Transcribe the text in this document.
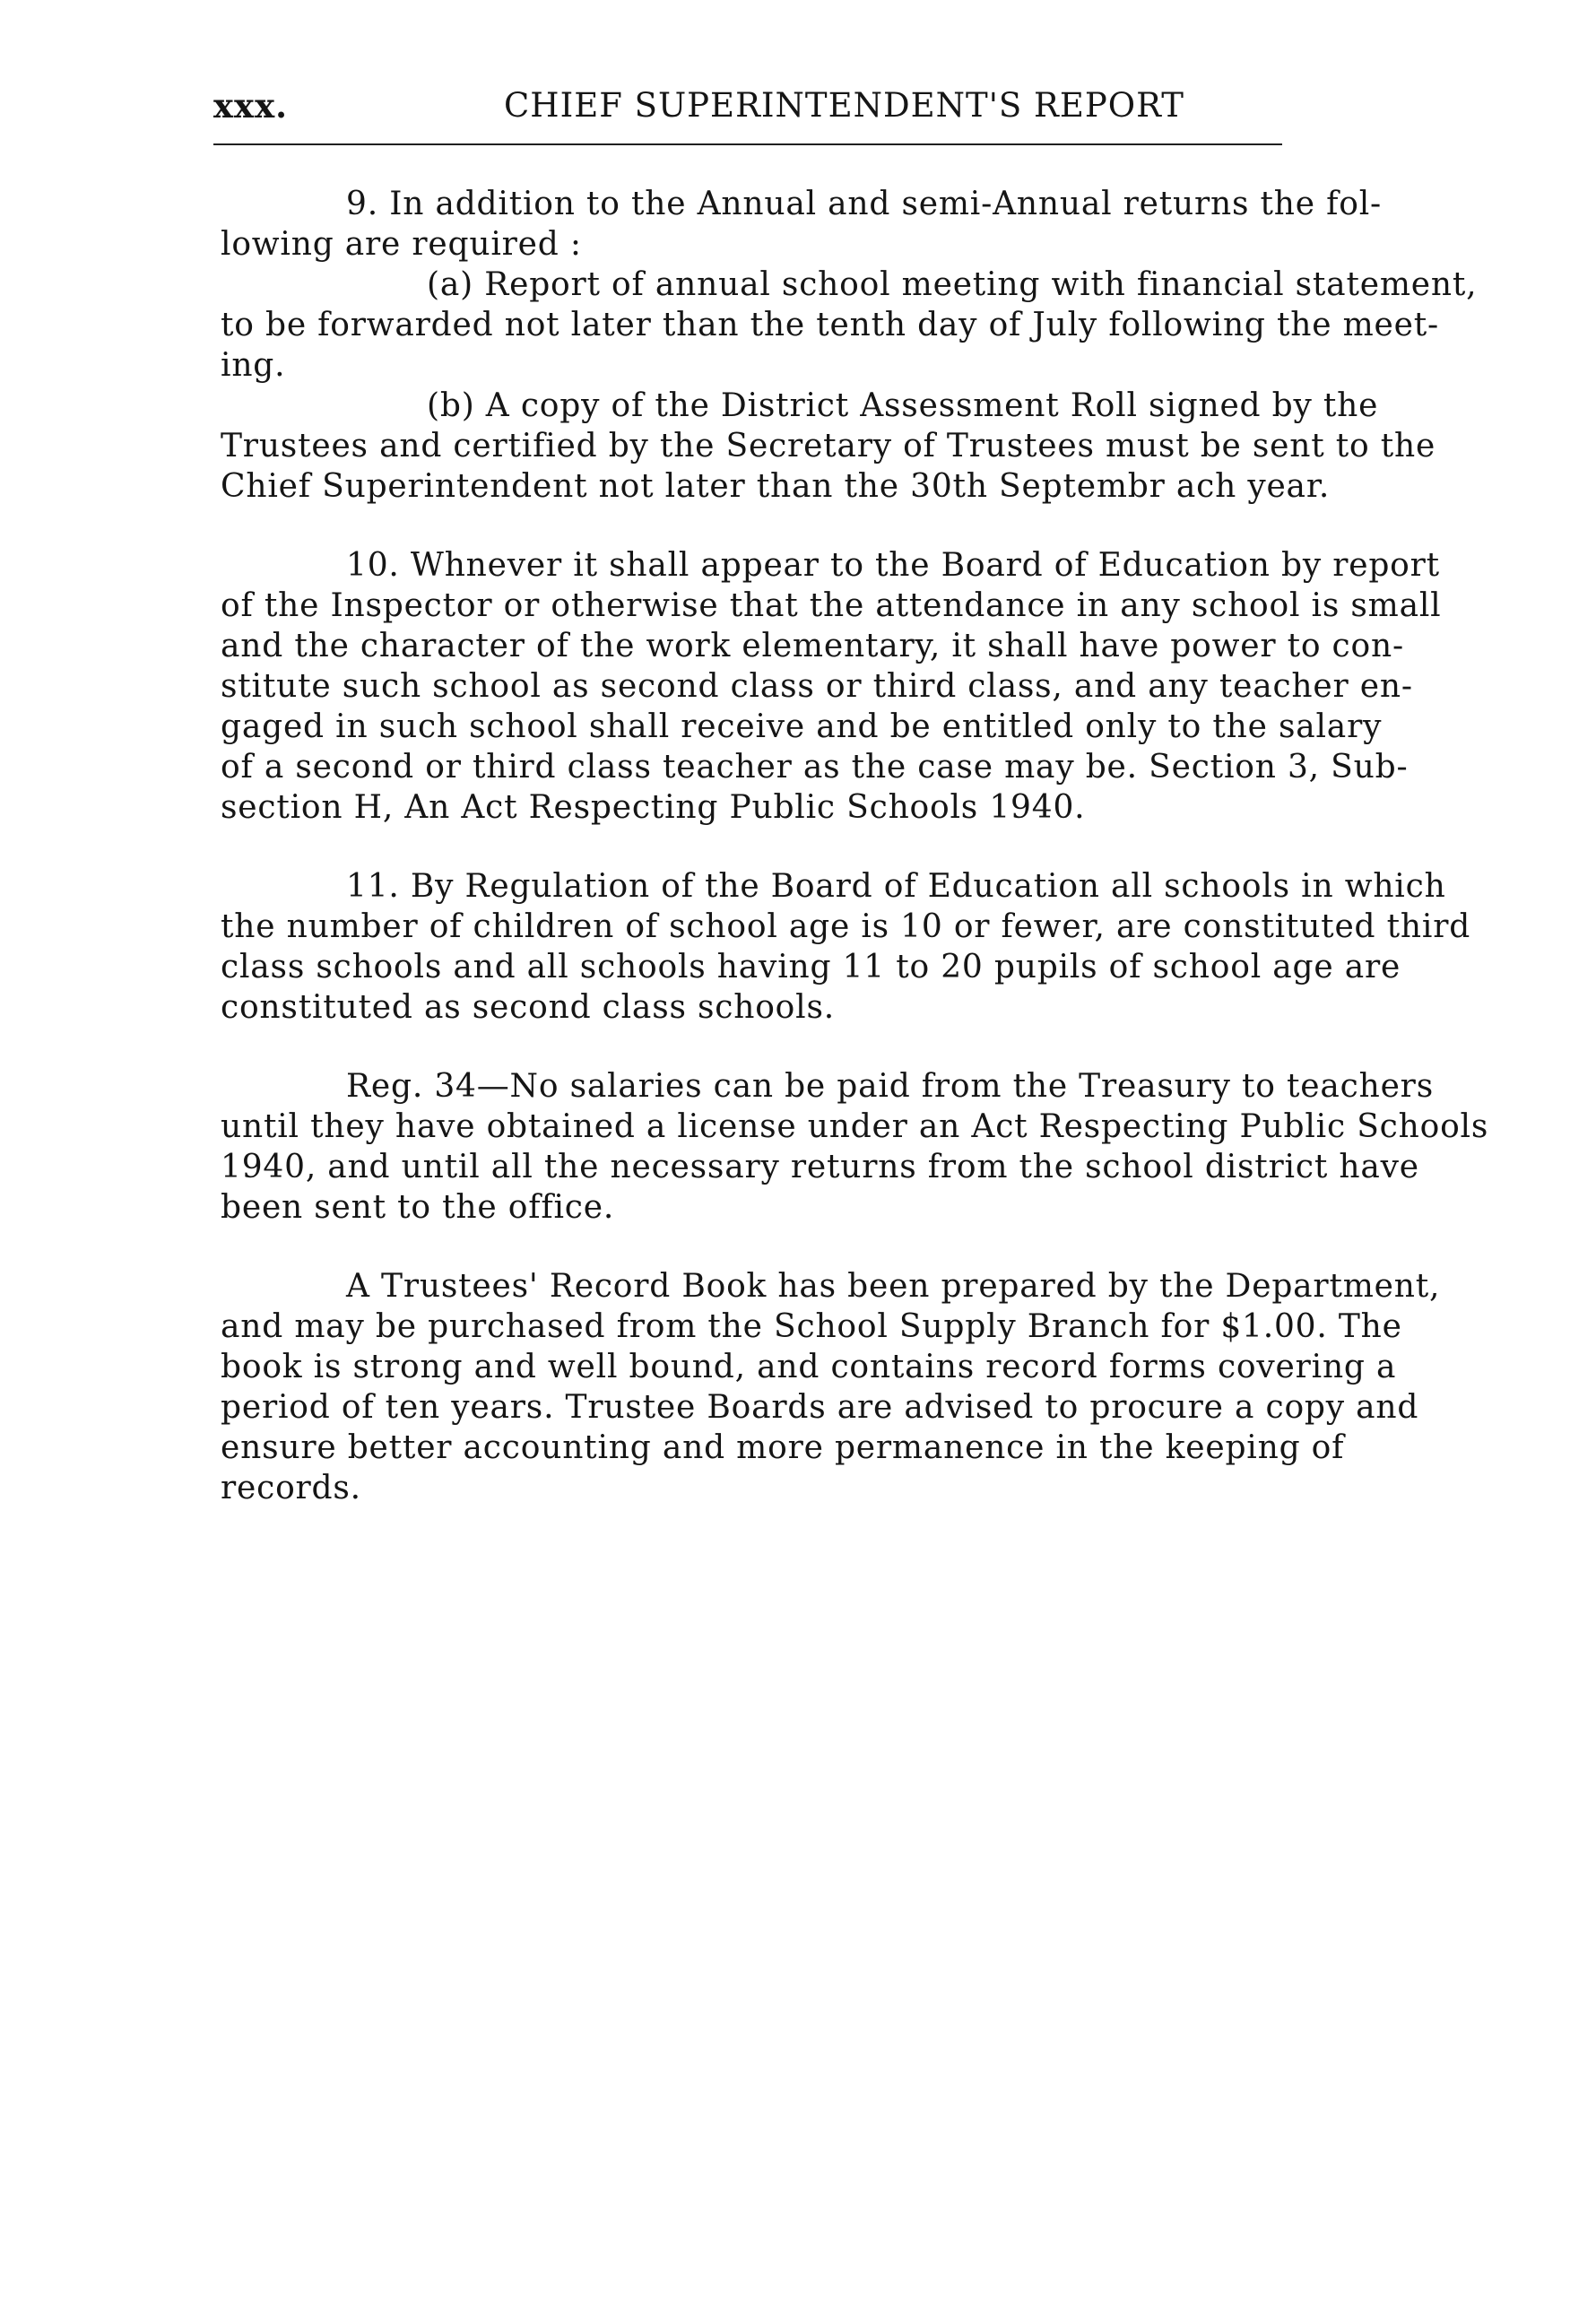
xxx.	CHIEF SUPERINTENDENT'S REPORT

9. In addition to the Annual and semi-Annual returns the fol-
lowing are required :

(a) Report of annual school meeting with financial statement,
to be forwarded not later than the tenth day of July following the meet-
ing.

(b) A copy of the District Assessment Roll signed by the
Trustees and certified by the Secretary of Trustees must be sent to the
Chief Superintendent not later than the 30th Septembr ach year.

10. Whnever it shall appear to the Board of Education by report
of the Inspector or otherwise that the attendance in any school is small
and the character of the work elementary, it shall have power to con-
stitute such school as second class or third class, and any teacher en-
gaged in such school shall receive and be entitled only to the salary
of a second or third class teacher as the case may be. Section 3, Sub-
section H, An Act Respecting Public Schools 1940.

11. By Regulation of the Board of Education all schools in which
the number of children of school age is 10 or fewer, are constituted third
class schools and all schools having 11 to 20 pupils of school age are
constituted as second class schools.

Reg. 34—No salaries can be paid from the Treasury to teachers
until they have obtained a license under an Act Respecting Public Schools
1940, and until all the necessary returns from the school district have
been sent to the office.

A Trustees' Record Book has been prepared by the Department,
and may be purchased from the School Supply Branch for $1.00. The
book is strong and well bound, and contains record forms covering a
period of ten years. Trustee Boards are advised to procure a copy and
ensure better accounting and more permanence in the keeping of
records.
